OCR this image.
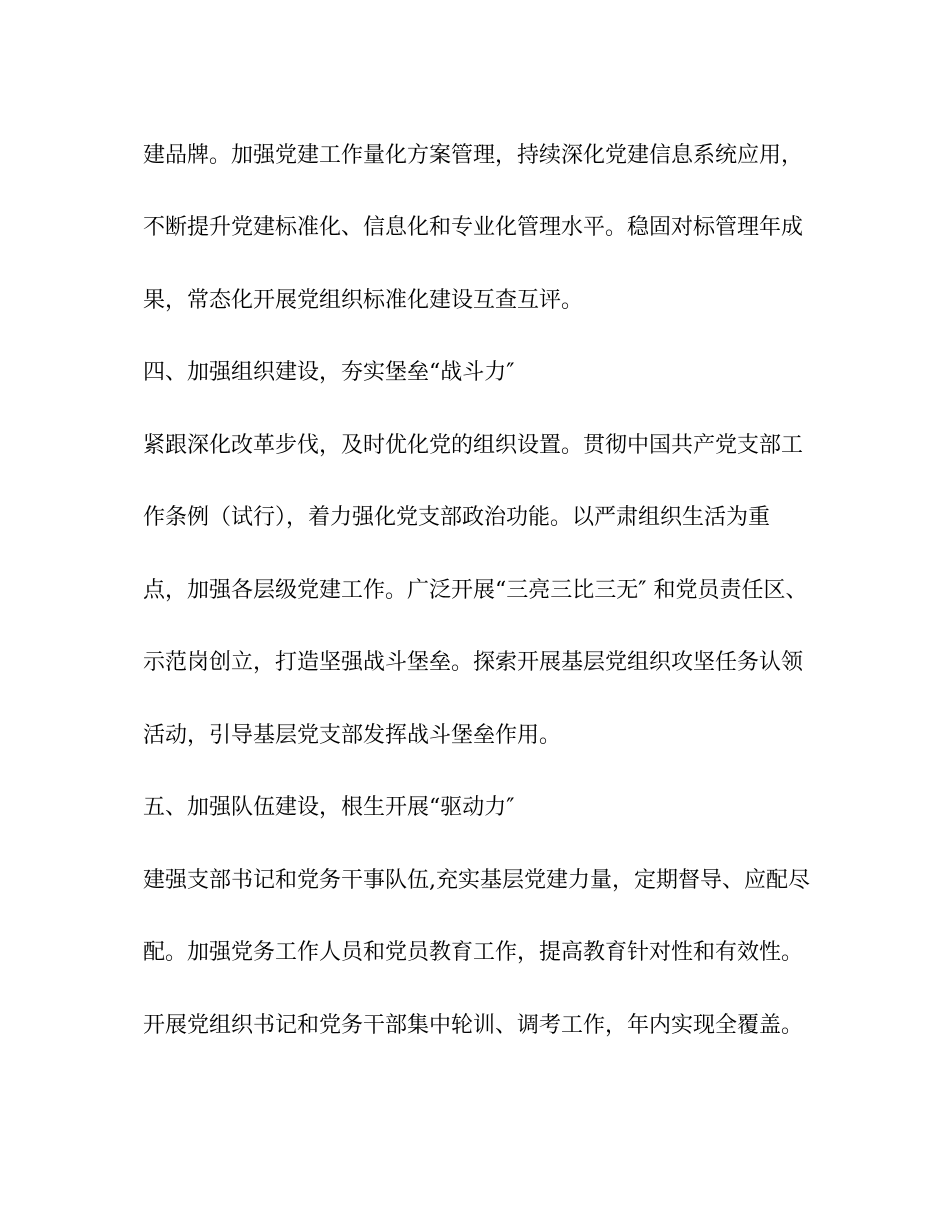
建品牌。加强党建工作量化方案管理，持续深化党建信息系统应用，
不断提升党建标准化、信息化和专业化管理水平。稳固对标管理年成
果，常态化开展党组织标准化建设互查互评。
四、加强组织建设，夯实堡垒“战斗力″
紧跟深化改革步伐，及时优化党的组织设置。贯彻中国共产党支部工
作条例（试行），着力强化党支部政治功能。以严肃组织生活为重
点，加强各层级党建工作。广泛开展“三亮三比三无″ 和党员责任区、
示范岗创立，打造坚强战斗堡垒。探索开展基层党组织攻坚任务认领
活动，引导基层党支部发挥战斗堡垒作用。
五、加强队伍建设，根生开展“驱动力″
建强支部书记和党务干事队伍,充实基层党建力量，定期督导、应配尽
配。加强党务工作人员和党员教育工作，提高教育针对性和有效性。
开展党组织书记和党务干部集中轮训、调考工作，年内实现全覆盖。
